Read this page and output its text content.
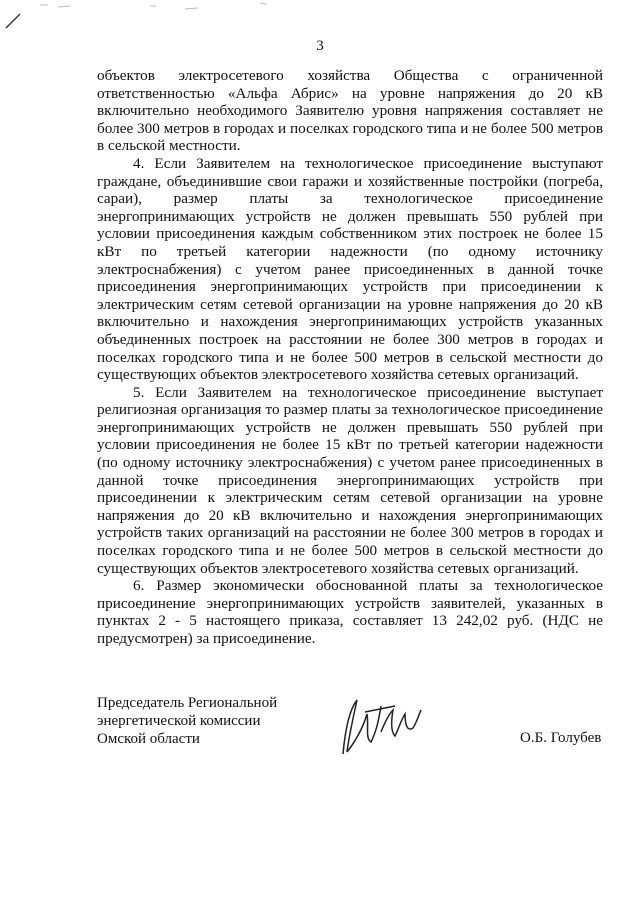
3

объектов электросетевого хозяйства Общества с ограниченной ответственностью «Альфа Абрис» на уровне напряжения до 20 кВ включительно необходимого Заявителю уровня напряжения составляет не более 300 метров в городах и поселках городского типа и не более 500 метров в сельской местности.

4. Если Заявителем на технологическое присоединение выступают граждане, объединившие свои гаражи и хозяйственные постройки (погреба, сараи), размер платы за технологическое присоединение энергопринимающих устройств не должен превышать 550 рублей при условии присоединения каждым собственником этих построек не более 15 кВт по третьей категории надежности (по одному источнику электроснабжения) с учетом ранее присоединенных в данной точке присоединения энергопринимающих устройств при присоединении к электрическим сетям сетевой организации на уровне напряжения до 20 кВ включительно и нахождения энергопринимающих устройств указанных объединенных построек на расстоянии не более 300 метров в городах и поселках городского типа и не более 500 метров в сельской местности до существующих объектов электросетевого хозяйства сетевых организаций.

5. Если Заявителем на технологическое присоединение выступает религиозная организация то размер платы за технологическое присоединение энергопринимающих устройств не должен превышать 550 рублей при условии присоединения не более 15 кВт по третьей категории надежности (по одному источнику электроснабжения) с учетом ранее присоединенных в данной точке присоединения энергопринимающих устройств при присоединении к электрическим сетям сетевой организации на уровне напряжения до 20 кВ включительно и нахождения энергопринимающих устройств таких организаций на расстоянии не более 300 метров в городах и поселках городского типа и не более 500 метров в сельской местности до существующих объектов электросетевого хозяйства сетевых организаций.

6. Размер экономически обоснованной платы за технологическое присоединение энергопринимающих устройств заявителей, указанных в пунктах 2 - 5 настоящего приказа, составляет 13 242,02 руб. (НДС не предусмотрен) за присоединение.

Председатель Региональной
энергетической комиссии
Омской области	О.Б. Голубев
